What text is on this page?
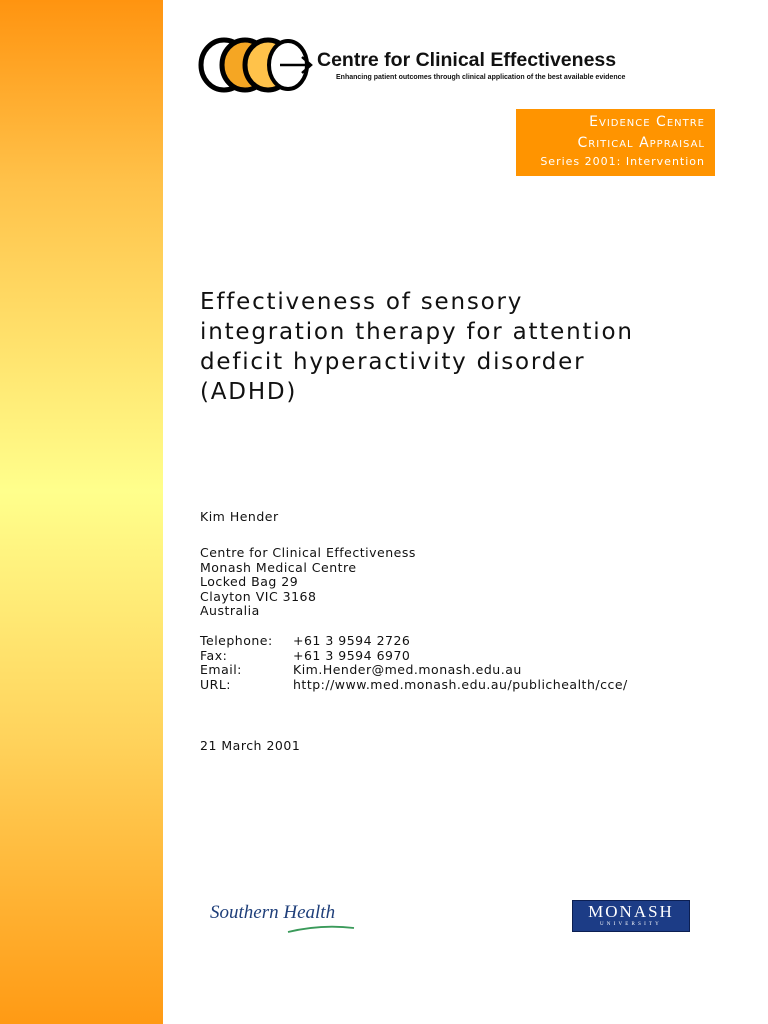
Centre for Clinical Effectiveness
Enhancing patient outcomes through clinical application of the best available evidence
Evidence Centre
Critical Appraisal
Series 2001: Intervention
Effectiveness of sensory integration therapy for attention deficit hyperactivity disorder (ADHD)
Kim Hender
Centre for Clinical Effectiveness
Monash Medical Centre
Locked Bag 29
Clayton VIC 3168
Australia
Telephone:	+61 3 9594 2726
Fax:	+61 3 9594 6970
Email:	Kim.Hender@med.monash.edu.au
URL:	http://www.med.monash.edu.au/publichealth/cce/
21 March 2001
Southern Health	MONASH
UNIVERSITY
